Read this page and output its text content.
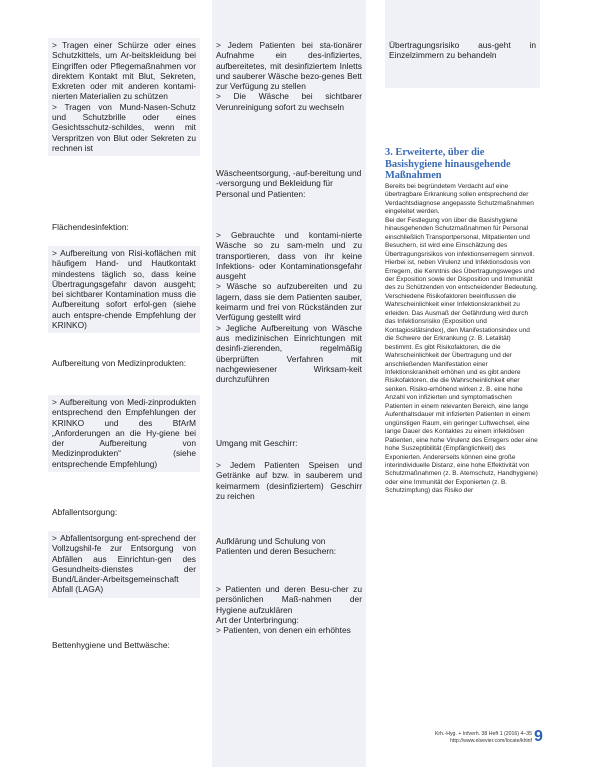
> Tragen einer Schürze oder eines Schutzkittels, um Ar-beitskleidung bei Eingriffen oder Pflegemaßnahmen vor direktem Kontakt mit Blut, Sekreten, Exkreten oder mit anderen kontami-nierten Materialien zu schützen

> Tragen von Mund-Nasen-Schutz und Schutzbrille oder eines Gesichtsschutz-schildes, wenn mit Verspritzen von Blut oder Sekreten zu rechnen ist

Flächendesinfektion:

> Aufbereitung von Risi-koflächen mit häufigem Hand- und Hautkontakt mindestens täglich so, dass keine Übertragungsgefahr davon ausgeht; bei sichtbarer Kontamination muss die Aufbereitung sofort erfol-gen (siehe auch entspre-chende Empfehlung der KRINKO)

Aufbereitung von Medizinprodukten:

> Aufbereitung von Medi-zinprodukten entsprechend den Empfehlungen der KRINKO und des BfArM „Anforderungen an die Hy-giene bei der Aufbereitung von Medizinprodukten“ (siehe entsprechende Empfehlung)

Abfallentsorgung:

> Abfallentsorgung ent-sprechend der Vollzugshil-fe zur Entsorgung von Abfällen aus Einrichtun-gen des Gesundheits-dienstes der Bund/Länder-Arbeitsgemeinschaft Abfall (LAGA)

Bettenhygiene und Bettwäsche:

> Jedem Patienten bei sta-tionärer Aufnahme ein des-infiziertes, aufbereitetes, mit desinfiziertem Inletts und sauberer Wäsche bezo-genes Bett zur Verfügung zu stellen

> Die Wäsche bei sichtbarer Verunreinigung sofort zu wechseln

Wäscheentsorgung, -auf-bereitung und -versorgung und Bekleidung für Personal und Patienten:

> Gebrauchte und kontami-nierte Wäsche so zu sam-meln und zu transportieren, dass von ihr keine Infektions- oder Kontaminationsgefahr ausgeht

> Wäsche so aufzubereiten und zu lagern, dass sie dem Patienten sauber, keimarm und frei von Rückständen zur Verfügung gestellt wird

> Jegliche Aufbereitung von Wäsche aus medizinischen Einrichtungen mit desinfi-zierenden, regelmäßig überprüften Verfahren mit nachgewiesener Wirksam-keit durchzuführen

Umgang mit Geschirr:

> Jedem Patienten Speisen und Getränke auf bzw. in sauberem und keimarmem (desinfiziertem) Geschirr zu reichen

Aufklärung und Schulung von Patienten und deren Besuchern:

> Patienten und deren Besu-cher zu persönlichen Maß-nahmen der Hygiene aufzuklären

Art der Unterbringung:

> Patienten, von denen ein erhöhtes

Übertragungsrisiko aus-geht in Einzelzimmern zu behandeln

3. Erweiterte, über die Basishygiene hinausgehende Maßnahmen

Bereits bei begründetem Verdacht auf eine übertragbare Erkrankung sollen entsprechend der Verdachtsdiagnose angepasste Schutzmaßnahmen eingeleitet werden.

Bei der Festlegung von über die Basishygiene hinausgehenden Schutzmaßnahmen für Personal einschließlich Transportpersonal, Mitpatienten und Besuchern, ist wird eine Einschätzung des Übertragungsrisikos von infektionserregern sinnvoll. Hierbei ist, neben Virulenz und Infektionsdosis von Erregern, die Kenntnis des Übertragungsweges und der Exposition sowie der Disposition und Immunität des zu Schützenden von entscheidender Bedeutung.

Verschiedene Risikofaktoren beeinflussen die Wahrscheinlichkeit einer Infektionskrankheit zu erleiden. Das Ausmaß der Gefährdung wird durch das Infektionsrisiko (Exposition und Kontagiositätsindex), den Manifestationsindex und die Schwere der Erkrankung (z. B. Letalität) bestimmt. Es gibt Risikofaktoren, die die Wahrscheinlichkeit der Übertragung und der anschließenden Manifestation einer Infektionskrankheit erhöhen und es gibt andere Risikofaktoren, die die Wahrscheinlichkeit eher senken. Risiko-erhöhend wirken z. B. eine hohe Anzahl von infizierten und symptomatischen Patienten in einem relevanten Bereich, eine lange Aufenthaltsdauer mit infizierten Patienten in einem ungünstigen Raum, ein geringer Luftwechsel, eine lange Dauer des Kontaktes zu einem infektiösen Patienten, eine hohe Virulenz des Erregers oder eine hohe Suszeptibilität (Empfänglichkeit) des Exponierten. Andererseits können eine große interindividuelle Distanz, eine hohe Effektivität von Schutzmaßnahmen (z. B. Atemschutz, Handhygiene) oder eine Immunität der Exponierten (z. B. Schutzimpfung) das Risiko der

Krh.-Hyg. + Infverh. 38 Heft 1 (2016) 4–35
http://www.elsevier.com/locate/khinf 9
